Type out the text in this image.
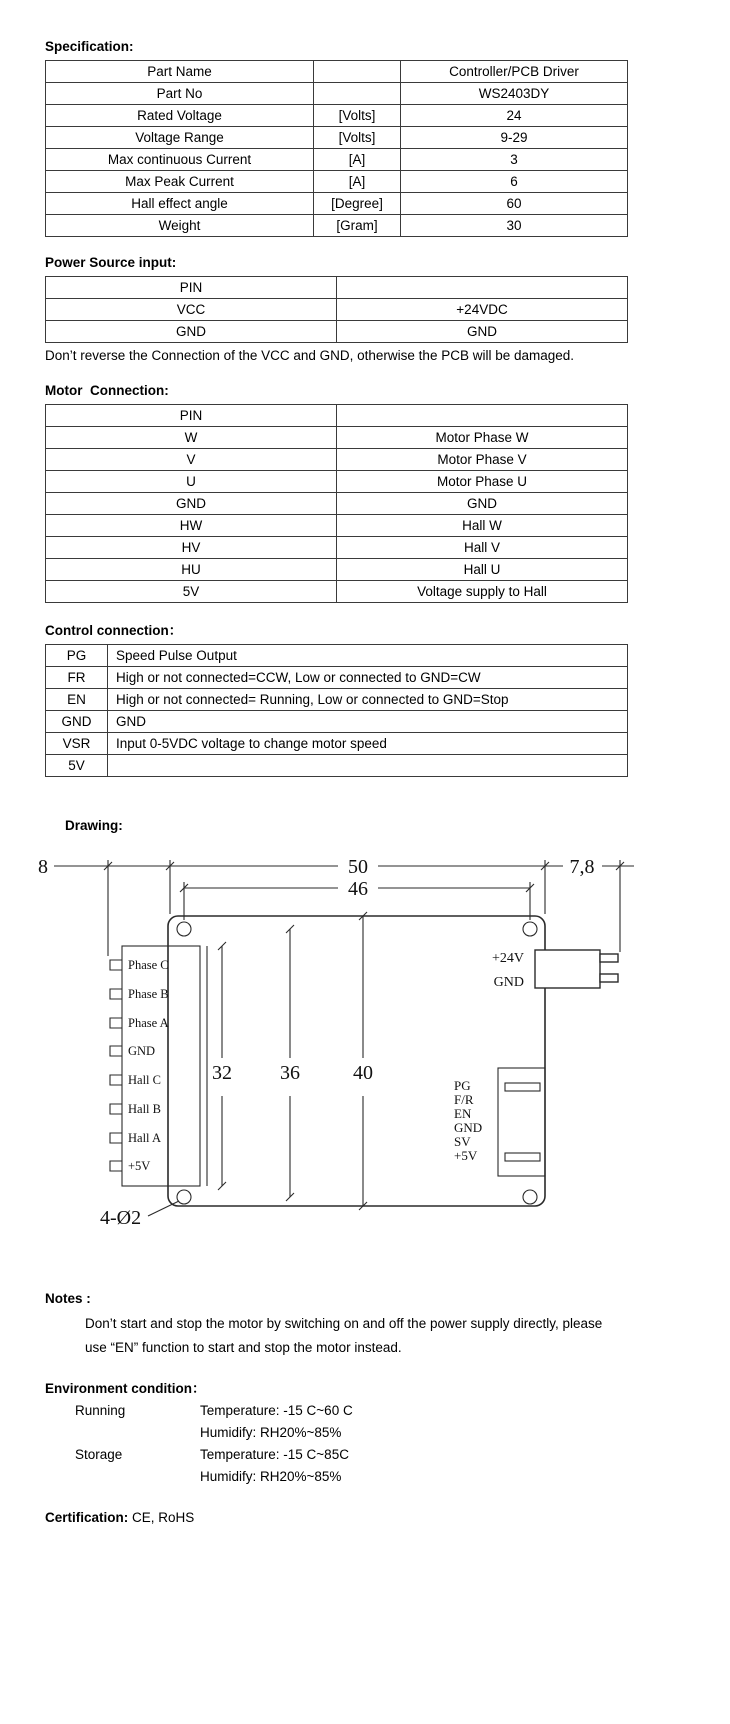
Specification:
Part Name		Controller/PCB Driver
Part No		WS2403DY
Rated Voltage	[Volts]	24
Voltage Range	[Volts]	9-29
Max continuous Current	[A]	3
Max Peak Current	[A]	6
Hall effect angle	[Degree]	60
Weight	[Gram]	30
Power Source input:
PIN	
VCC	+24VDC
GND	GND
Don’t reverse the Connection of the VCC and GND, otherwise the PCB will be damaged.
Motor  Connection:
PIN	
W	Motor Phase W
V	Motor Phase V
U	Motor Phase U
GND	GND
HW	Hall W
HV	Hall V
HU	Hall U
5V	Voltage supply to Hall
Control connection：
PG	Speed Pulse Output
FR	High or not connected=CCW, Low or connected to GND=CW
EN	High or not connected= Running, Low or connected to GND=Stop
GND	GND
VSR	Input 0-5VDC voltage to change motor speed
5V	
Drawing:
Phase C
Phase B
Phase A
GND
Hall C
Hall B
Hall A
+5V
+24V
GND
PG
F/R
EN
GND
SV
+5V
4-Ø2
8	50
46
7,8
32 36	40
Notes :
Don’t start and stop the motor by switching on and off the power supply directly, please
use “EN” function to start and stop the motor instead.
Environment condition：
Running	Temperature: -15 C~60 C
Humidify: RH20%~85%
Storage	Temperature: -15 C~85C
Humidify: RH20%~85%
Certification: CE, RoHS
